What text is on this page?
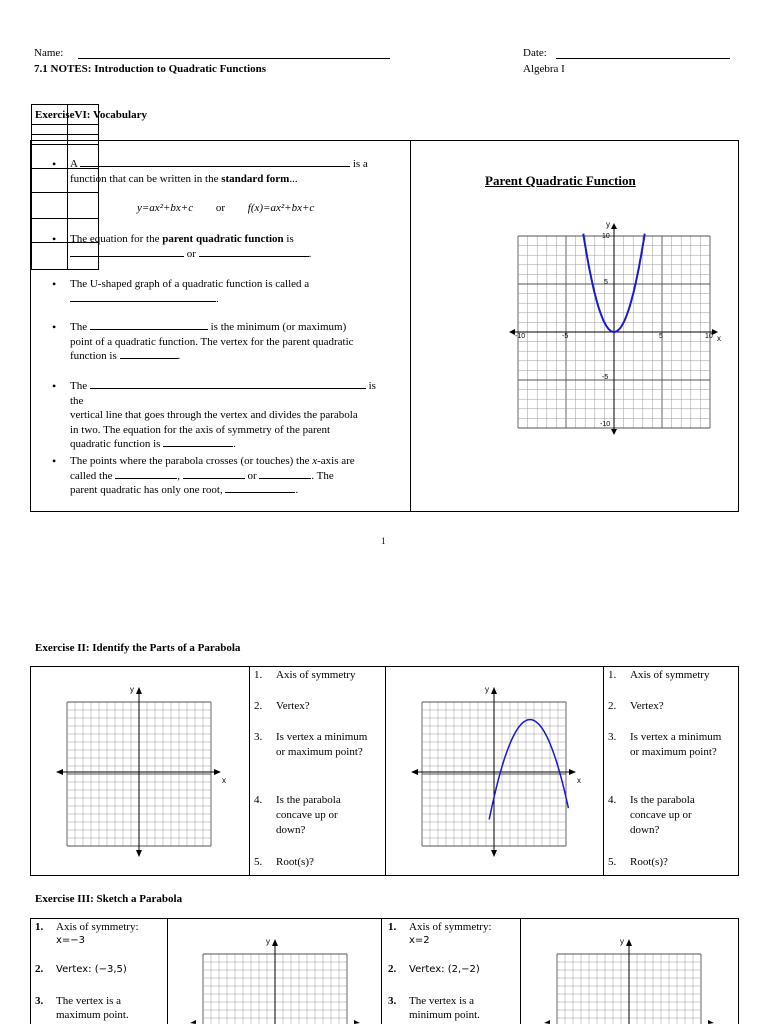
Name:
7.1 NOTES: Introduction to Quadratic Functions
Date:
Algebra I
ExerciseVI: Vocabulary

• A	is a
function that can be written in the standard form...
• The equation for the parent quadratic function is
or	.
• The U-shaped graph of a quadratic function is called a
.
• The	is the minimum (or maximum)
point of a quadratic function. The vertex for the parent quadratic
function is	.
• The	is the
vertical line that goes through the vertex and divides the parabola
in two. The equation for the axis of symmetry of the parent
quadratic function is	.
• The points where the parabola crosses (or touches) the x-axis are
called the	,	or	. The
parent quadratic has only one root,	.
y=ax²+bx+c or f(x)=ax²+bx+c
Parent Quadratic Function
x
y
-10	-5	5	10
10
5
-5
-10
1
Exercise II: Identify the Parts of a Parabola
x
y
x
y
1. Axis of symmetry
2. Vertex?
3. Is vertex a minimum or maximum point?
4. Is the parabola concave up or down?
5. Root(s)?
1. Axis of symmetry
2. Vertex?
3. Is vertex a minimum or maximum point?
4. Is the parabola concave up or down?
5. Root(s)?
Exercise III: Sketch a Parabola
1. Axis of symmetry:
x=−3
2. Vertex: (−3,5)
3. The vertex is a
maximum point.
1. Axis of symmetry:
x=2
2. Vertex: (2,−2)
3. The vertex is a
minimum point.
y	y
